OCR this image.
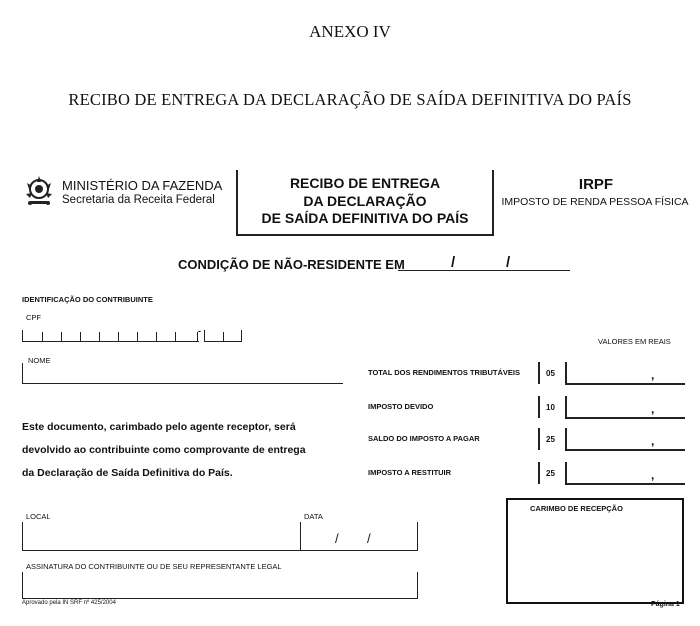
ANEXO IV
RECIBO DE ENTREGA DA DECLARAÇÃO DE SAÍDA DEFINITIVA DO PAÍS
MINISTÉRIO DA FAZENDA
Secretaria da Receita Federal
RECIBO DE ENTREGA
DA DECLARAÇÃO
DE SAÍDA DEFINITIVA DO PAÍS
IRPF
IMPOSTO DE RENDA PESSOA FÍSICA
CONDIÇÃO DE NÃO-RESIDENTE EM	/	/
IDENTIFICAÇÃO DO CONTRIBUINTE
CPF
-
NOME
VALORES EM REAIS
TOTAL DOS RENDIMENTOS TRIBUTÁVEIS	05	,
IMPOSTO DEVIDO	10	,
SALDO DO IMPOSTO A PAGAR	25	,
IMPOSTO A RESTITUIR	25	,
Este documento, carimbado pelo agente receptor, será
devolvido ao contribuinte como comprovante de entrega
da Declaração de Saída Definitiva do País.
LOCAL	DATA
/ /
CARIMBO DE RECEPÇÃO
ASSINATURA DO CONTRIBUINTE OU DE SEU REPRESENTANTE LEGAL
Aprovado pela IN SRF nº 425/2004	Página 1
